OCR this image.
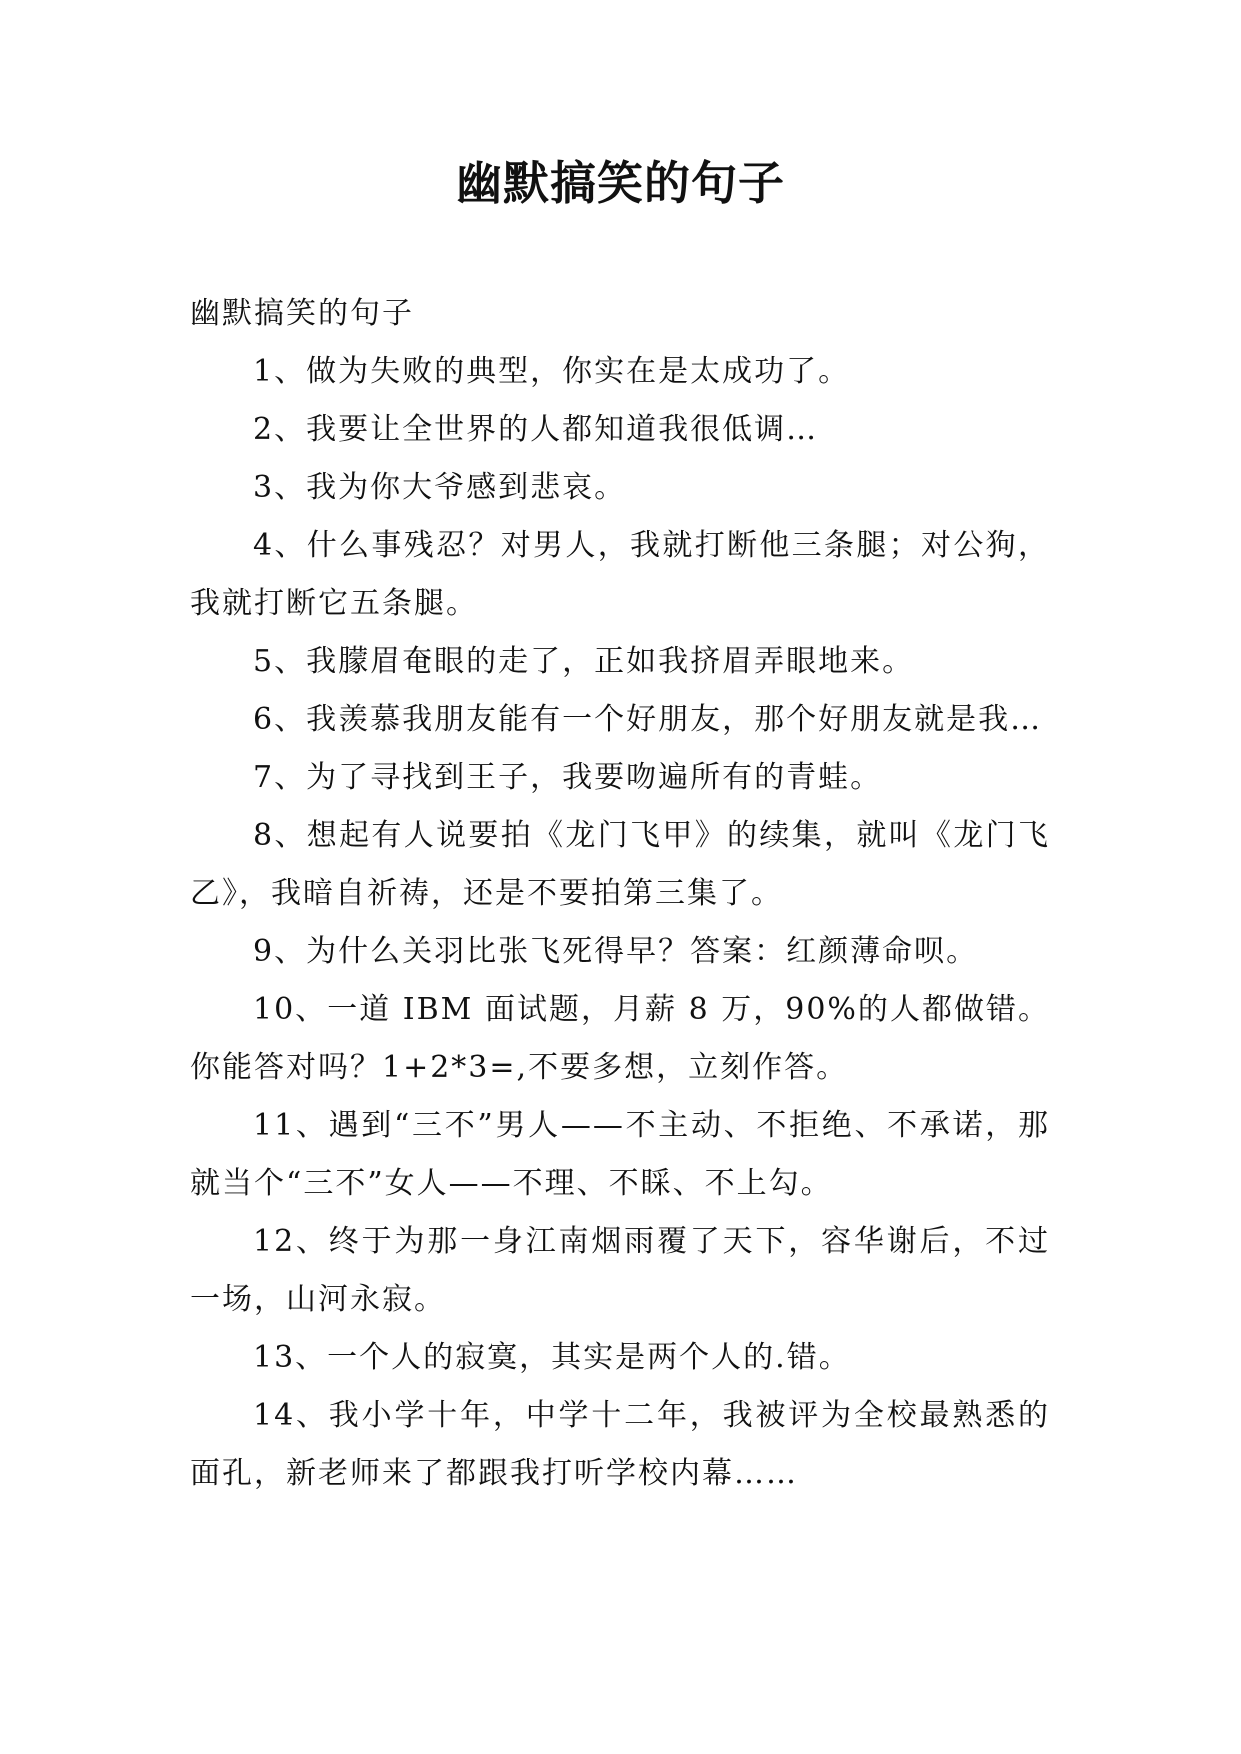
幽默搞笑的句子

幽默搞笑的句子

1、做为失败的典型，你实在是太成功了。

2、我要让全世界的人都知道我很低调…

3、我为你大爷感到悲哀。

4、什么事残忍？对男人，我就打断他三条腿；对公狗，我就打断它五条腿。

5、我朦眉奄眼的走了，正如我挤眉弄眼地来。

6、我羡慕我朋友能有一个好朋友，那个好朋友就是我…

7、为了寻找到王子，我要吻遍所有的青蛙。

8、想起有人说要拍《龙门飞甲》的续集，就叫《龙门飞乙》，我暗自祈祷，还是不要拍第三集了。

9、为什么关羽比张飞死得早？答案：红颜薄命呗。

10、一道 IBM 面试题，月薪 8 万，90%的人都做错。你能答对吗？1+2*3=,不要多想，立刻作答。

11、遇到“三不”男人——不主动、不拒绝、不承诺，那就当个“三不”女人——不理、不睬、不上勾。

12、终于为那一身江南烟雨覆了天下，容华谢后，不过一场，山河永寂。

13、一个人的寂寞，其实是两个人的.错。

14、我小学十年，中学十二年，我被评为全校最熟悉的面孔，新老师来了都跟我打听学校内幕……
